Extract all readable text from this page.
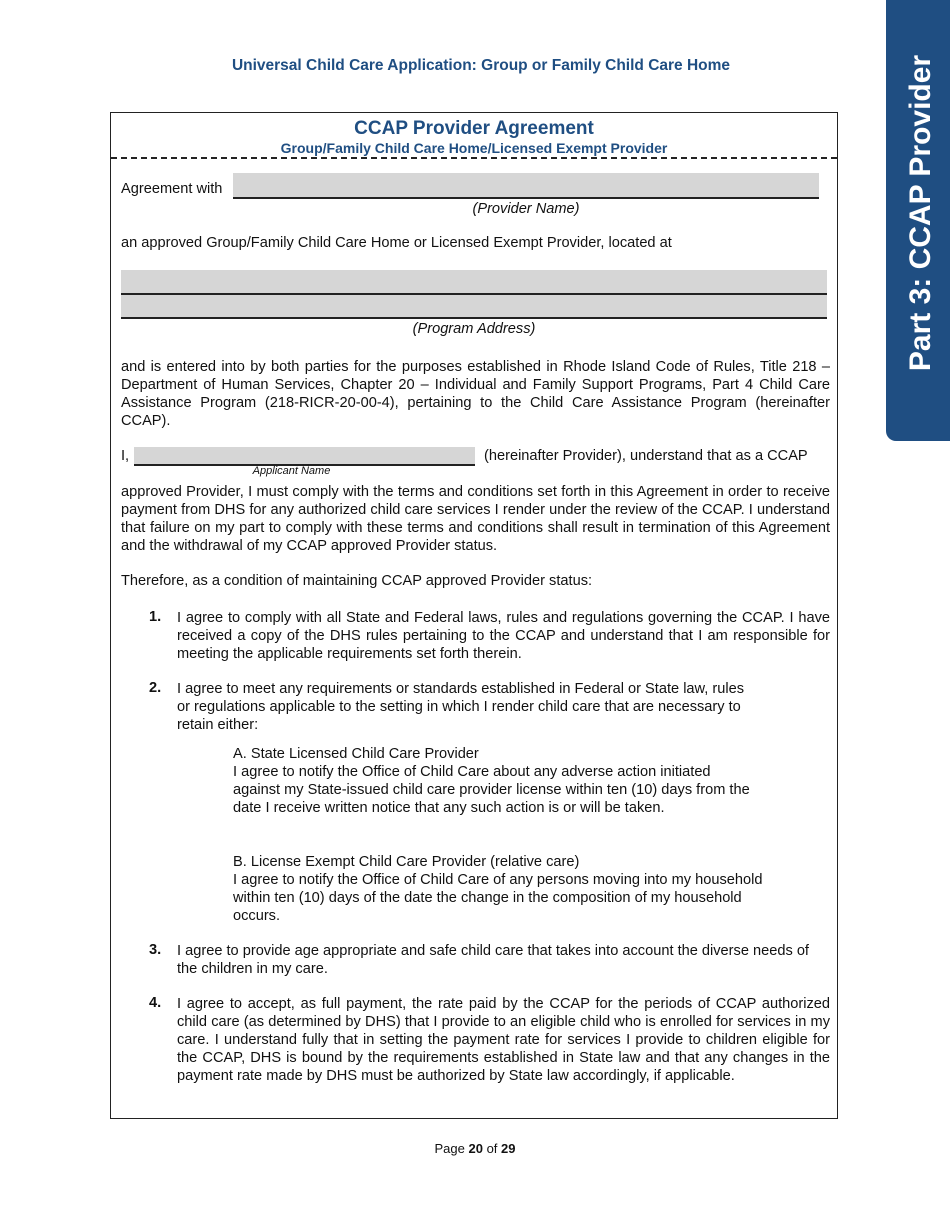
Part 3: CCAP Provider
Universal Child Care Application: Group or Family Child Care Home
CCAP Provider Agreement
Group/Family Child Care Home/Licensed Exempt Provider
Agreement with
(Provider Name)
an approved Group/Family Child Care Home or Licensed Exempt Provider, located at
(Program Address)
and is entered into by both parties for the purposes established in Rhode Island Code of Rules, Title 218 – Department of Human Services, Chapter 20 – Individual and Family Support Programs, Part 4 Child Care Assistance Program (218-RICR-20-00-4), pertaining to the Child Care Assistance Program (hereinafter CCAP).
I,	(hereinafter Provider), understand that as a CCAP
Applicant Name
approved Provider, I must comply with the terms and conditions set forth in this Agreement in order to receive payment from DHS for any authorized child care services I render under the review of the CCAP. I understand that failure on my part to comply with these terms and conditions shall result in termination of this Agreement and the withdrawal of my CCAP approved Provider status.
Therefore, as a condition of maintaining CCAP approved Provider status:
1. I agree to comply with all State and Federal laws, rules and regulations governing the CCAP. I have received a copy of the DHS rules pertaining to the CCAP and understand that I am responsible for meeting the applicable requirements set forth therein.
2. I agree to meet any requirements or standards established in Federal or State law, rules or regulations applicable to the setting in which I render child care that are necessary to retain either:
A. State Licensed Child Care Provider
I agree to notify the Office of Child Care about any adverse action initiated against my State-issued child care provider license within ten (10) days from the date I receive written notice that any such action is or will be taken.
B. License Exempt Child Care Provider (relative care)
I agree to notify the Office of Child Care of any persons moving into my household within ten (10) days of the date the change in the composition of my household occurs.
3. I agree to provide age appropriate and safe child care that takes into account the diverse needs of the children in my care.
4. I agree to accept, as full payment, the rate paid by the CCAP for the periods of CCAP authorized child care (as determined by DHS) that I provide to an eligible child who is enrolled for services in my care. I understand fully that in setting the payment rate for services I provide to children eligible for the CCAP, DHS is bound by the requirements established in State law and that any changes in the payment rate made by DHS must be authorized by State law accordingly, if applicable.
Page 20 of 29
